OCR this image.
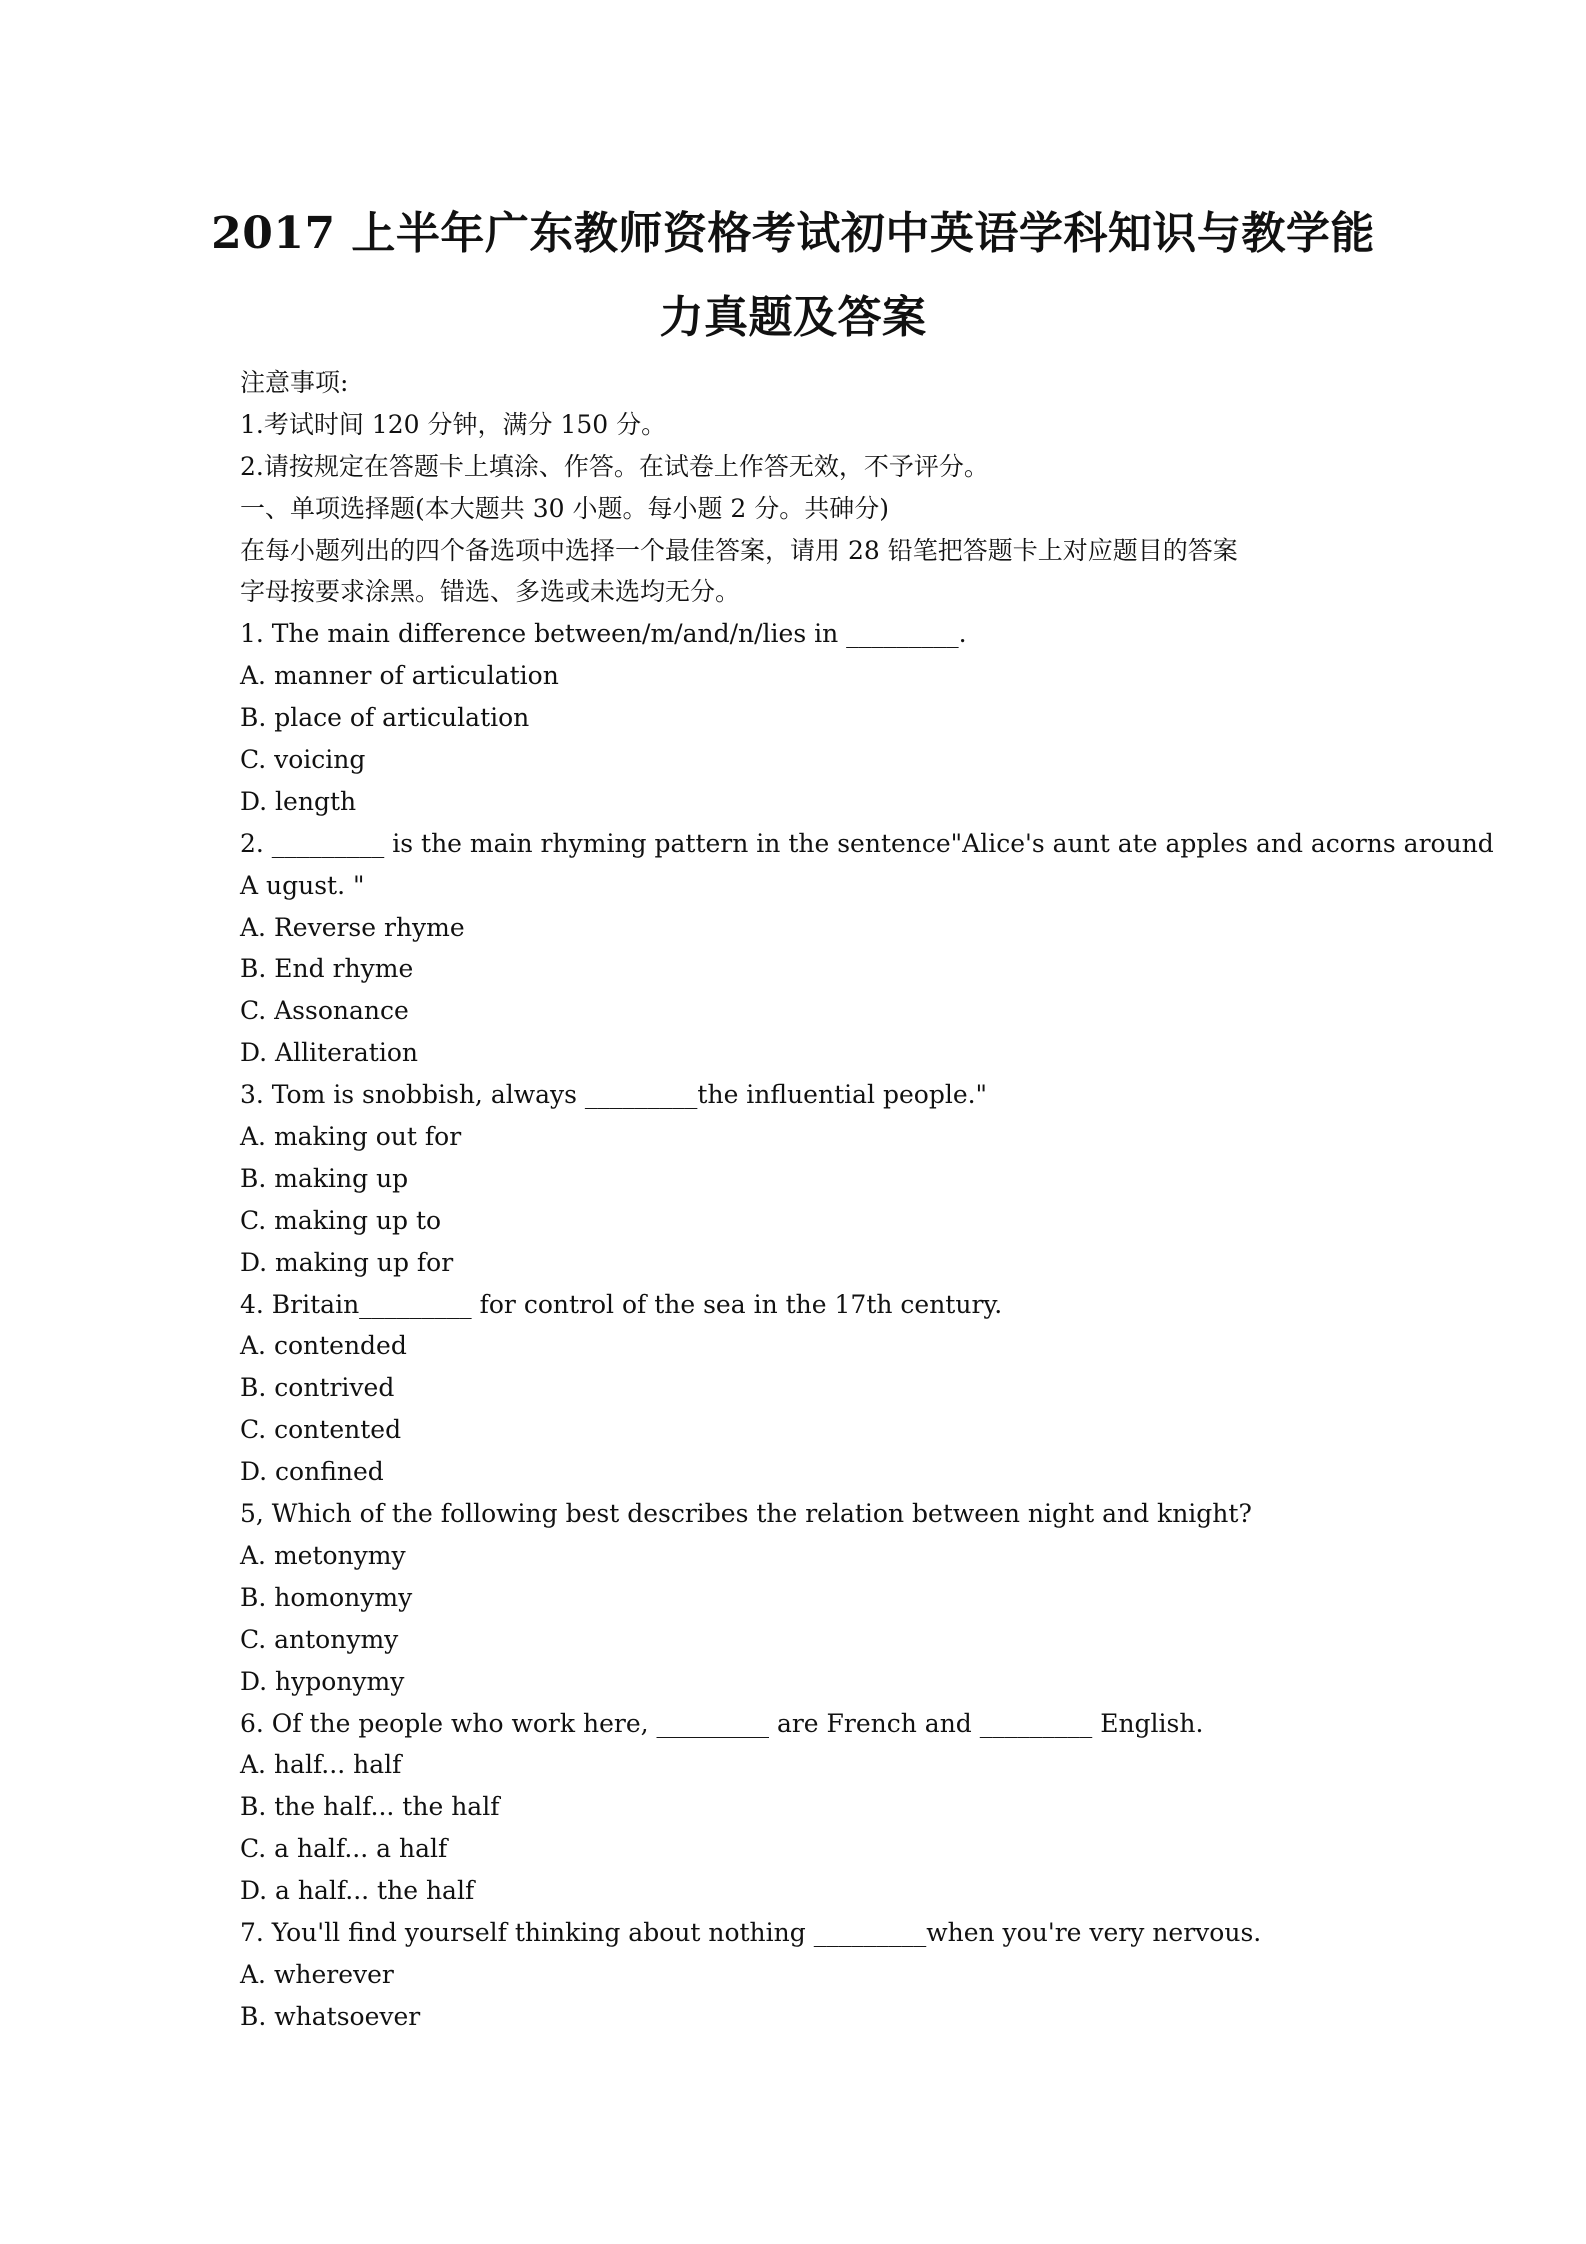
2017 上半年广东教师资格考试初中英语学科知识与教学能
力真题及答案
注意事项:
1.考试时间 120 分钟，满分 150 分。
2.请按规定在答题卡上填涂、作答。在试卷上作答无效，不予评分。
一、单项选择题(本大题共 30 小题。每小题 2 分。共砷分)
在每小题列出的四个备选项中选择一个最佳答案，请用 28 铅笔把答题卡上对应题目的答案
字母按要求涂黑。错选、多选或未选均无分。
1. The main difference between/m/and/n/lies in _________.
A. manner of articulation
B. place of articulation
C. voicing
D. length
2. _________ is the main rhyming pattern in the sentence"Alice's aunt ate apples and acorns around
A ugust. "
A. Reverse rhyme
B. End rhyme
C. Assonance
D. Alliteration
3. Tom is snobbish, always _________the influential people."
A. making out for
B. making up
C. making up to
D. making up for
4. Britain_________ for control of the sea in the 17th century.
A. contended
B. contrived
C. contented
D. confined
5, Which of the following best describes the relation between night and knight?
A. metonymy
B. homonymy
C. antonymy
D. hyponymy
6. Of the people who work here, _________ are French and _________ English.
A. half... half
B. the half... the half
C. a half... a half
D. a half... the half
7. You'll find yourself thinking about nothing _________when you're very nervous.
A. wherever
B. whatsoever
